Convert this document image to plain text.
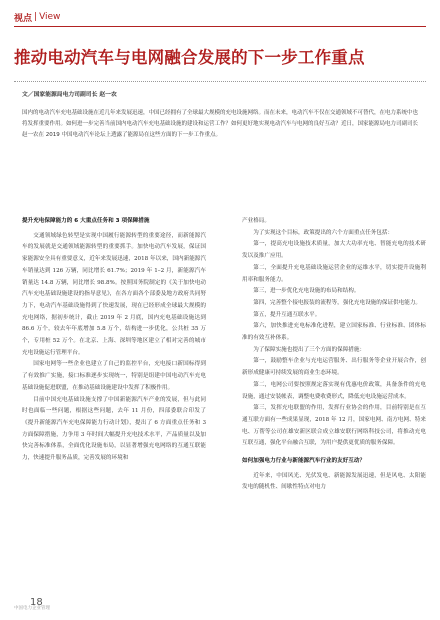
视点 | View
推动电动汽车与电网融合发展的下一步工作重点
文／国家能源局电力司副司长 赵一农

国内的电动汽车充电基础设施在近几年来发展迅速，中国已经拥有了全球最大规模的充电设施网络。而在未来，电动汽车不仅在交通领域不可替代，在电力系统中也将发挥重要作用。如何进一步完善当前国内电动汽车充电基础设施的建设和运营工作？如何更好地实现电动汽车与电网的良好互动？近日，国家能源局电力司副司长赵一农在 2019 中国电动汽车论坛上透露了能源局在这些方面的下一步工作重点。

提升充电保障能力的 6 大重点任务和 3 项保障措施

交通领域绿色转型是实现中国履行能源转型的重要途径，而新能源汽车的发展就是交通领域能源转型的重要抓手。加快电动汽车发展，保证国家能源安全具有重要意义，近年来发展迅速，2018 年以来，国内新能源汽车销量达到 126 万辆，同比增长 61.7%；2019 年 1–2 月，新能源汽车销量达 14.8 万辆，同比增长 98.8%。按照国务院制定的《关于加快电动汽车充电基础设施建设的指导意见》，在各方面各个部委及地方政府共同努力下，电动汽车基础设施得到了快速发展，现在已经形成全球最大规模的充电网络，据初步统计，截止 2019 年 2 月底，国内充电基础设施达到 86.6 万个，较去年年底增加 5.8 万个，结构进一步优化，公共桩 35 万个，专用桩 52 万个。在北京、上海、深圳等地区建立了相对完善的城市充电设施运行管理平台。

国家电网等一些企业也建立了自己的监控平台，充电接口新国标得到了有效推广实施，接口标准逐步实现统一，特别是组建中国电动汽车充电基础设施促进联盟，在推动基础设施建设中发挥了积极作用。

目前中国充电基础设施支撑了中国新能源汽车产业的发展，但与此同时也面临一些问题，根据这些问题，去年 11 月份，四部委联合印发了《提升新能源汽车充电保障能力行动计划》，提出了 6 方面重点任务和 3 方面保障措施，力争用 3 年时间大幅提升充电技术水平，产品质量以及加快完善标准体系，全面优化设施布局，以显著增强充电网络的互通互联能力，快速提升服务品质，完善发展的环境和

产业格局。

为了实现这个目标，政策提出的六个方面重点任务包括：

第一，提高充电设施技术质量，加大大功率充电、智能充电的技术研发以及推广应用。

第二，全面提升充电基础设施运营企业的运维水平，切实提升设施利用率和服务能力。

第三，进一步优化充电设施的布局和结构。

第四，完善整个接电报装的流程等，强化充电设施的保证供电能力。

第五，提升互通互联水平。

第六，加快推进充电标准化进程，建立国家标准、行业标准、团体标准的有效互补体系。

为了保障实施也提出了三个方面的保障措施：

第一，鼓励整车企业与充电运营服务、出行服务等企业开展合作，创新形成健康可持续发展的商业生态环境。

第二，电网公司要按照规定落实现有优惠电价政策，具备条件的充电设施，通过安装帐表，调整电费收费形式，降低充电设施运营成本。

第三，发挥充电联盟的作用，发挥行业协会的作用，目前特别是在互通互联方面有一些成果显现，2018 年 12 月，国家电网、南方电网、特来电、万帮等公司在雄安新区联合成立雄安联行网络科技公司，将推动充电互联互通，强化平台融合互联，为用户提供更优质的服务保障。

如何加强电力行业与新能源汽车行业的友好互动？

近年来，中国风光、光伏发电、新能源发展迅速，但是风电、太阳能发电的随机性、间歇性特点对电力

中国电力企业管理
18
